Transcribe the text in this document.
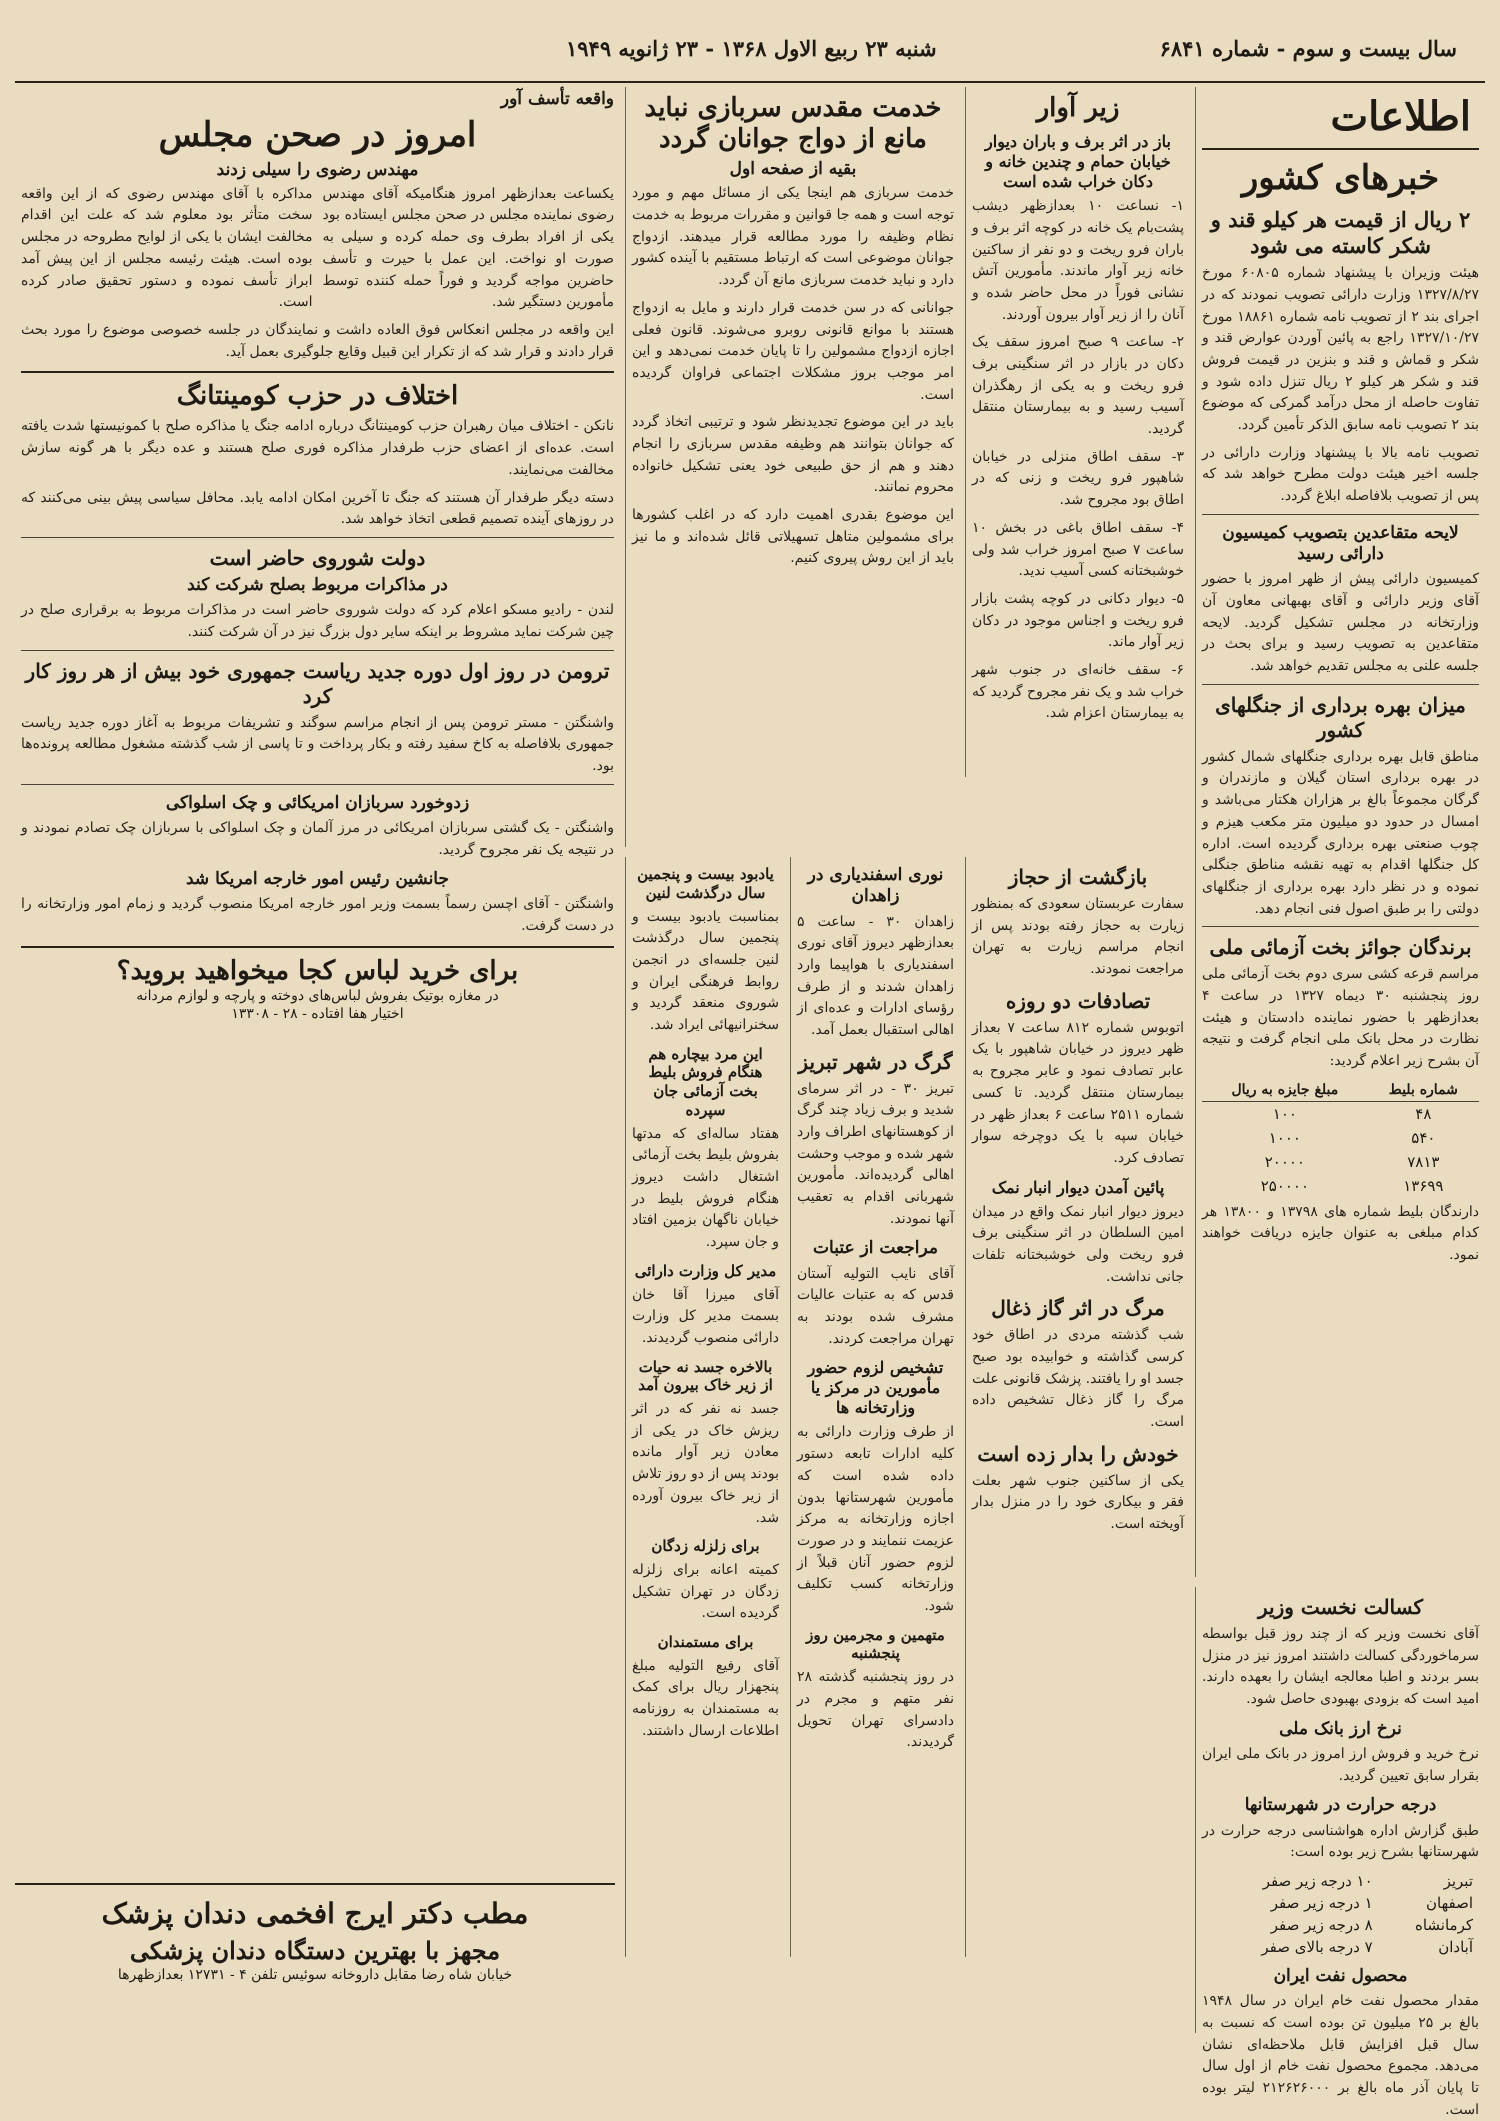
سال بیست و سوم - شماره ۶۸۴۱
شنبه ۲۳ ربیع الاول ۱۳۶۸ - ۲۳ ژانویه ۱۹۴۹
اطلاعات
خبرهای کشور
۲ ریال از قیمت هر کیلو قند و شکر کاسته می شود

هیئت وزیران با پیشنهاد شماره ۶۰۸۰۵ مورخ ۱۳۲۷/۸/۲۷ وزارت دارائی تصویب نمودند که در اجرای بند ۲ از تصویب نامه شماره ۱۸۸۶۱ مورخ ۱۳۲۷/۱۰/۲۷ راجع به پائین آوردن عوارض قند و شکر و قماش و قند و بنزین در قیمت فروش قند و شکر هر کیلو ۲ ریال تنزل داده شود و تفاوت حاصله از محل درآمد گمرکی که موضوع بند ۲ تصویب نامه سابق الذکر تأمین گردد.

تصویب نامه بالا با پیشنهاد وزارت دارائی در جلسه اخیر هیئت دولت مطرح خواهد شد که پس از تصویب بلافاصله ابلاغ گردد.

لایحه متقاعدین بتصویب کمیسیون دارائی رسید

کمیسیون دارائی پیش از ظهر امروز با حضور آقای وزیر دارائی و آقای بهبهانی معاون آن وزارتخانه در مجلس تشکیل گردید. لایحه متقاعدین به تصویب رسید و برای بحث در جلسه علنی به مجلس تقدیم خواهد شد.

میزان بهره برداری از جنگلهای کشور

مناطق قابل بهره برداری جنگلهای شمال کشور در بهره برداری استان گیلان و مازندران و گرگان مجموعاً بالغ بر هزاران هکتار می‌باشد و امسال در حدود دو میلیون متر مکعب هیزم و چوب صنعتی بهره برداری گردیده است. اداره کل جنگلها اقدام به تهیه نقشه مناطق جنگلی نموده و در نظر دارد بهره برداری از جنگلهای دولتی را بر طبق اصول فنی انجام دهد.

برندگان جوائز بخت آزمائی ملی

مراسم قرعه کشی سری دوم بخت آزمائی ملی روز پنجشنبه ۳۰ دیماه ۱۳۲۷ در ساعت ۴ بعدازظهر با حضور نماینده دادستان و هیئت نظارت در محل بانک ملی انجام گرفت و نتیجه آن بشرح زیر اعلام گردید:

شماره بلیط	مبلغ جایزه به ریال
۴۸	۱۰۰
۵۴۰	۱۰۰۰
۷۸۱۳	۲۰۰۰۰
۱۳۶۹۹	۲۵۰۰۰۰

دارندگان بلیط شماره های ۱۳۷۹۸ و ۱۳۸۰۰ هر کدام مبلغی به عنوان جایزه دریافت خواهند نمود.

کسالت نخست وزیر

آقای نخست وزیر که از چند روز قبل بواسطه سرماخوردگی کسالت داشتند امروز نیز در منزل بسر بردند و اطبا معالجه ایشان را بعهده دارند. امید است که بزودی بهبودی حاصل شود.

نرخ ارز بانک ملی

نرخ خرید و فروش ارز امروز در بانک ملی ایران بقرار سابق تعیین گردید.

درجه حرارت در شهرستانها

طبق گزارش اداره هواشناسی درجه حرارت در شهرستانها بشرح زیر بوده است:

تبریز	۱۰ درجه زیر صفر
اصفهان	۱ درجه زیر صفر
کرمانشاه	۸ درجه زیر صفر
آبادان	۷ درجه بالای صفر
محصول نفت ایران

مقدار محصول نفت خام ایران در سال ۱۹۴۸ بالغ بر ۲۵ میلیون تن بوده است که نسبت به سال قبل افزایش قابل ملاحظه‌ای نشان می‌دهد. مجموع محصول نفت خام از اول سال تا پایان آذر ماه بالغ بر ۲۱۲۶۲۶۰۰۰ لیتر بوده است.

زیر آوار
باز در اثر برف و باران دیوار خیابان حمام و چندین خانه و دکان خراب شده است

۱- نساعت ۱۰ بعدازظهر دیشب پشت‌بام یک خانه در کوچه اثر برف و باران فرو ریخت و دو نفر از ساکنین خانه زیر آوار ماندند. مأمورین آتش نشانی فوراً در محل حاضر شده و آنان را از زیر آوار بیرون آوردند.

۲- ساعت ۹ صبح امروز سقف یک دکان در بازار در اثر سنگینی برف فرو ریخت و به یکی از رهگذران آسیب رسید و به بیمارستان منتقل گردید.

۳- سقف اطاق منزلی در خیابان شاهپور فرو ریخت و زنی که در اطاق بود مجروح شد.

۴- سقف اطاق باغی در بخش ۱۰ ساعت ۷ صبح امروز خراب شد ولی خوشبختانه کسی آسیب ندید.

۵- دیوار دکانی در کوچه پشت بازار فرو ریخت و اجناس موجود در دکان زیر آوار ماند.

۶- سقف خانه‌ای در جنوب شهر خراب شد و یک نفر مجروح گردید که به بیمارستان اعزام شد.

بازگشت از حجاز

سفارت عربستان سعودی که بمنظور زیارت به حجاز رفته بودند پس از انجام مراسم زیارت به تهران مراجعت نمودند.

تصادفات دو روزه

اتوبوس شماره ۸۱۲ ساعت ۷ بعداز ظهر دیروز در خیابان شاهپور با یک عابر تصادف نمود و عابر مجروح به بیمارستان منتقل گردید. تا کسی شماره ۲۵۱۱ ساعت ۶ بعداز ظهر در خیابان سپه با یک دوچرخه سوار تصادف کرد.

پائین آمدن دیوار انبار نمک

دیروز دیوار انبار نمک واقع در میدان امین السلطان در اثر سنگینی برف فرو ریخت ولی خوشبختانه تلفات جانی نداشت.

مرگ در اثر گاز ذغال

شب گذشته مردی در اطاق خود کرسی گذاشته و خوابیده بود صبح جسد او را یافتند. پزشک قانونی علت مرگ را گاز ذغال تشخیص داده است.

خودش را بدار زده است

یکی از ساکنین جنوب شهر بعلت فقر و بیکاری خود را در منزل بدار آویخته است.

خدمت مقدس سربازی نباید مانع از دواج جوانان گردد
بقیه از صفحه اول

خدمت سربازی هم اینجا یکی از مسائل مهم و مورد توجه است و همه جا قوانین و مقررات مربوط به خدمت نظام وظیفه را مورد مطالعه قرار میدهند. ازدواج جوانان موضوعی است که ارتباط مستقیم با آینده کشور دارد و نباید خدمت سربازی مانع آن گردد.

جوانانی که در سن خدمت قرار دارند و مایل به ازدواج هستند با موانع قانونی روبرو می‌شوند. قانون فعلی اجازه ازدواج مشمولین را تا پایان خدمت نمی‌دهد و این امر موجب بروز مشکلات اجتماعی فراوان گردیده است.

باید در این موضوع تجدیدنظر شود و ترتیبی اتخاذ گردد که جوانان بتوانند هم وظیفه مقدس سربازی را انجام دهند و هم از حق طبیعی خود یعنی تشکیل خانواده محروم نمانند.

این موضوع بقدری اهمیت دارد که در اغلب کشورها برای مشمولین متاهل تسهیلاتی قائل شده‌اند و ما نیز باید از این روش پیروی کنیم.

نوری اسفندیاری در زاهدان

زاهدان ۳۰ - ساعت ۵ بعدازظهر دیروز آقای نوری اسفندیاری با هواپیما وارد زاهدان شدند و از طرف رؤسای ادارات و عده‌ای از اهالی استقبال بعمل آمد.

گرگ در شهر تبریز

تبریز ۳۰ - در اثر سرمای شدید و برف زیاد چند گرگ از کوهستانهای اطراف وارد شهر شده و موجب وحشت اهالی گردیده‌اند. مأمورین شهربانی اقدام به تعقیب آنها نمودند.

مراجعت از عتبات

آقای نایب التولیه آستان قدس که به عتبات عالیات مشرف شده بودند به تهران مراجعت کردند.

تشخیص لزوم حضور مأمورین در مرکز یا وزارتخانه ها

از طرف وزارت دارائی به کلیه ادارات تابعه دستور داده شده است که مأمورین شهرستانها بدون اجازه وزارتخانه به مرکز عزیمت ننمایند و در صورت لزوم حضور آنان قبلاً از وزارتخانه کسب تکلیف شود.

متهمین و مجرمین روز پنجشنبه

در روز پنجشنبه گذشته ۲۸ نفر متهم و مجرم در دادسرای تهران تحویل گردیدند.

یادبود بیست و پنجمین سال درگذشت لنین

بمناسبت یادبود بیست و پنجمین سال درگذشت لنین جلسه‌ای در انجمن روابط فرهنگی ایران و شوروی منعقد گردید و سخنرانیهائی ایراد شد.

این مرد بیچاره هم هنگام فروش بلیط بخت آزمائی جان سپرده

هفتاد ساله‌ای که مدتها بفروش بلیط بخت آزمائی اشتغال داشت دیروز هنگام فروش بلیط در خیابان ناگهان بزمین افتاد و جان سپرد.

مدیر کل وزارت دارائی

آقای میرزا آقا خان بسمت مدیر کل وزارت دارائی منصوب گردیدند.

بالاخره جسد نه حیات از زیر خاک بیرون آمد

جسد نه نفر که در اثر ریزش خاک در یکی از معادن زیر آوار مانده بودند پس از دو روز تلاش از زیر خاک بیرون آورده شد.

برای زلزله زدگان

کمیته اعانه برای زلزله زدگان در تهران تشکیل گردیده است.

برای مستمندان

آقای رفیع التولیه مبلغ پنجهزار ریال برای کمک به مستمندان به روزنامه اطلاعات ارسال داشتند.

واقعه تأسف آور
امروز در صحن مجلس
مهندس رضوی را سیلی زدند

یکساعت بعدازظهر امروز هنگامیکه آقای مهندس رضوی نماینده مجلس در صحن مجلس ایستاده بود یکی از افراد بطرف وی حمله کرده و سیلی به صورت او نواخت. این عمل با حیرت و تأسف حاضرین مواجه گردید و فوراً حمله کننده توسط مأمورین دستگیر شد.

مداکره با آقای مهندس رضوی که از این واقعه سخت متأثر بود معلوم شد که علت این اقدام مخالفت ایشان با یکی از لوایح مطروحه در مجلس بوده است. هیئت رئیسه مجلس از این پیش آمد ابراز تأسف نموده و دستور تحقیق صادر کرده است.

این واقعه در مجلس انعکاس فوق العاده داشت و نمایندگان در جلسه خصوصی موضوع را مورد بحث قرار دادند و قرار شد که از تکرار این قبیل وقایع جلوگیری بعمل آید.

اختلاف در حزب کومینتانگ

نانکن - اختلاف میان رهبران حزب کومینتانگ درباره ادامه جنگ یا مذاکره صلح با کمونیستها شدت یافته است. عده‌ای از اعضای حزب طرفدار مذاکره فوری صلح هستند و عده دیگر با هر گونه سازش مخالفت می‌نمایند.

دسته دیگر طرفدار آن هستند که جنگ تا آخرین امکان ادامه یابد. محافل سیاسی پیش بینی می‌کنند که در روزهای آینده تصمیم قطعی اتخاذ خواهد شد.

دولت شوروی حاضر است
در مذاکرات مربوط بصلح شرکت کند

لندن - رادیو مسکو اعلام کرد که دولت شوروی حاضر است در مذاکرات مربوط به برقراری صلح در چین شرکت نماید مشروط بر اینکه سایر دول بزرگ نیز در آن شرکت کنند.

ترومن در روز اول دوره جدید ریاست جمهوری خود بیش از هر روز کار کرد

واشنگتن - مستر ترومن پس از انجام مراسم سوگند و تشریفات مربوط به آغاز دوره جدید ریاست جمهوری بلافاصله به کاخ سفید رفته و بکار پرداخت و تا پاسی از شب گذشته مشغول مطالعه پرونده‌ها بود.

زدوخورد سربازان امریکائی و چک اسلواکی

واشنگتن - یک گشتی سربازان امریکائی در مرز آلمان و چک اسلواکی با سربازان چک تصادم نمودند و در نتیجه یک نفر مجروح گردید.

جانشین رئیس امور خارجه امریکا شد

واشنگتن - آقای اچسن رسماً بسمت وزیر امور خارجه امریکا منصوب گردید و زمام امور وزارتخانه را در دست گرفت.

برای خرید لباس کجا میخواهید بروید؟
در مغازه بوتیک بفروش لباس‌های دوخته و پارچه و لوازم مردانه
اختیار هفا افتاده - ۲۸ - ۱۳۳۰۸
مطب دکتر ایرج افخمی دندان پزشک
مجهز با بهترین دستگاه دندان پزشکی
خیابان شاه رضا مقابل داروخانه سوئیس تلفن ۴ - ۱۲۷۳۱ بعدازظهرها
